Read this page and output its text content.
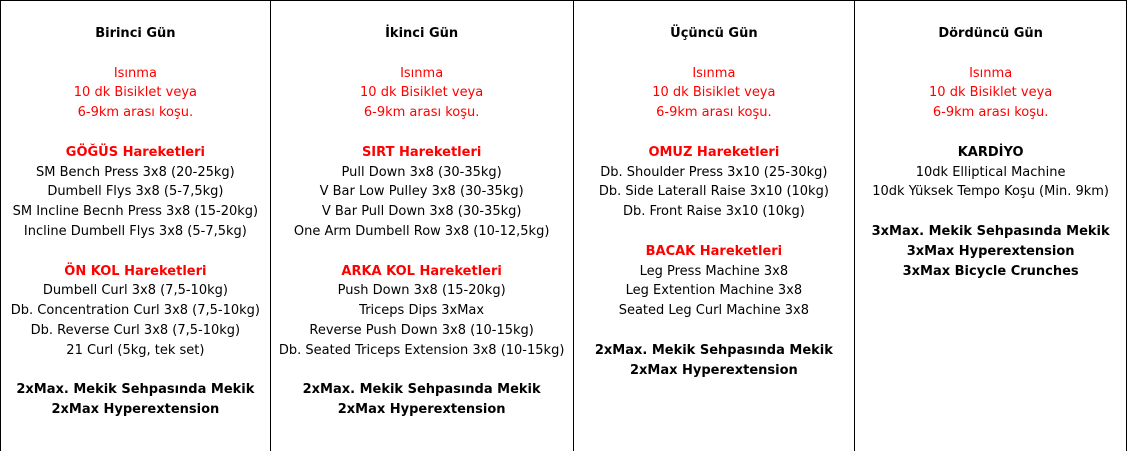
Birinci Gün
Isınma
10 dk Bisiklet veya
6-9km arası koşu.
GÖĞÜS Hareketleri
SM Bench Press 3x8 (20-25kg)
Dumbell Flys 3x8 (5-7,5kg)
SM Incline Becnh Press 3x8 (15-20kg)
Incline Dumbell Flys 3x8 (5-7,5kg)
ÖN KOL Hareketleri
Dumbell Curl 3x8 (7,5-10kg)
Db. Concentration Curl 3x8 (7,5-10kg)
Db. Reverse Curl 3x8 (7,5-10kg)
21 Curl (5kg, tek set)
2xMax. Mekik Sehpasında Mekik
2xMax Hyperextension
İkinci Gün
Isınma
10 dk Bisiklet veya
6-9km arası koşu.
SIRT Hareketleri
Pull Down 3x8 (30-35kg)
V Bar Low Pulley 3x8 (30-35kg)
V Bar Pull Down 3x8 (30-35kg)
One Arm Dumbell Row 3x8 (10-12,5kg)
ARKA KOL Hareketleri
Push Down 3x8 (15-20kg)
Triceps Dips 3xMax
Reverse Push Down 3x8 (10-15kg)
Db. Seated Triceps Extension 3x8 (10-15kg)
2xMax. Mekik Sehpasında Mekik
2xMax Hyperextension
Üçüncü Gün
Isınma
10 dk Bisiklet veya
6-9km arası koşu.
OMUZ Hareketleri
Db. Shoulder Press 3x10 (25-30kg)
Db. Side Laterall Raise 3x10 (10kg)
Db. Front Raise 3x10 (10kg)
BACAK Hareketleri
Leg Press Machine 3x8
Leg Extention Machine 3x8
Seated Leg Curl Machine 3x8
2xMax. Mekik Sehpasında Mekik
2xMax Hyperextension
Dördüncü Gün
Isınma
10 dk Bisiklet veya
6-9km arası koşu.
KARDİYO
10dk Elliptical Machine
10dk Yüksek Tempo Koşu (Min. 9km)
3xMax. Mekik Sehpasında Mekik
3xMax Hyperextension
3xMax Bicycle Crunches
